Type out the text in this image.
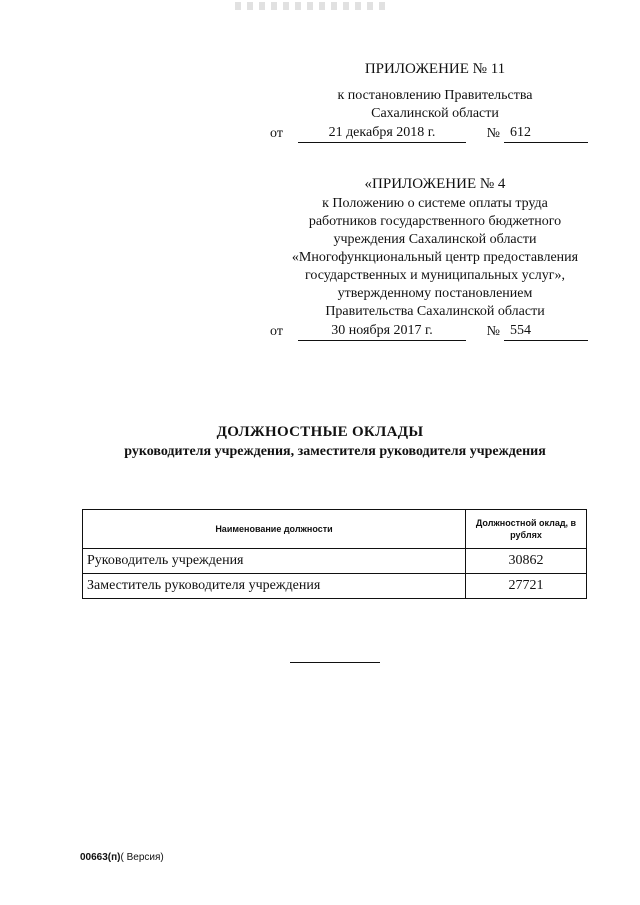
ПРИЛОЖЕНИЕ № 11
к постановлению Правительства
Сахалинской области
от	21 декабря 2018 г.	№ 612
«ПРИЛОЖЕНИЕ № 4
к Положению о системе оплаты труда
работников государственного бюджетного
учреждения Сахалинской области
«Многофункциональный центр предоставления
государственных и муниципальных услуг»,
утвержденному постановлением
Правительства Сахалинской области
от	30 ноября 2017 г.	№ 554
ДОЛЖНОСТНЫЕ ОКЛАДЫ
руководителя учреждения, заместителя руководителя учреждения
Наименование должности	Должностной оклад, в рублях
Руководитель учреждения	30862
Заместитель руководителя учреждения	27721
00663(п)( Версия)
